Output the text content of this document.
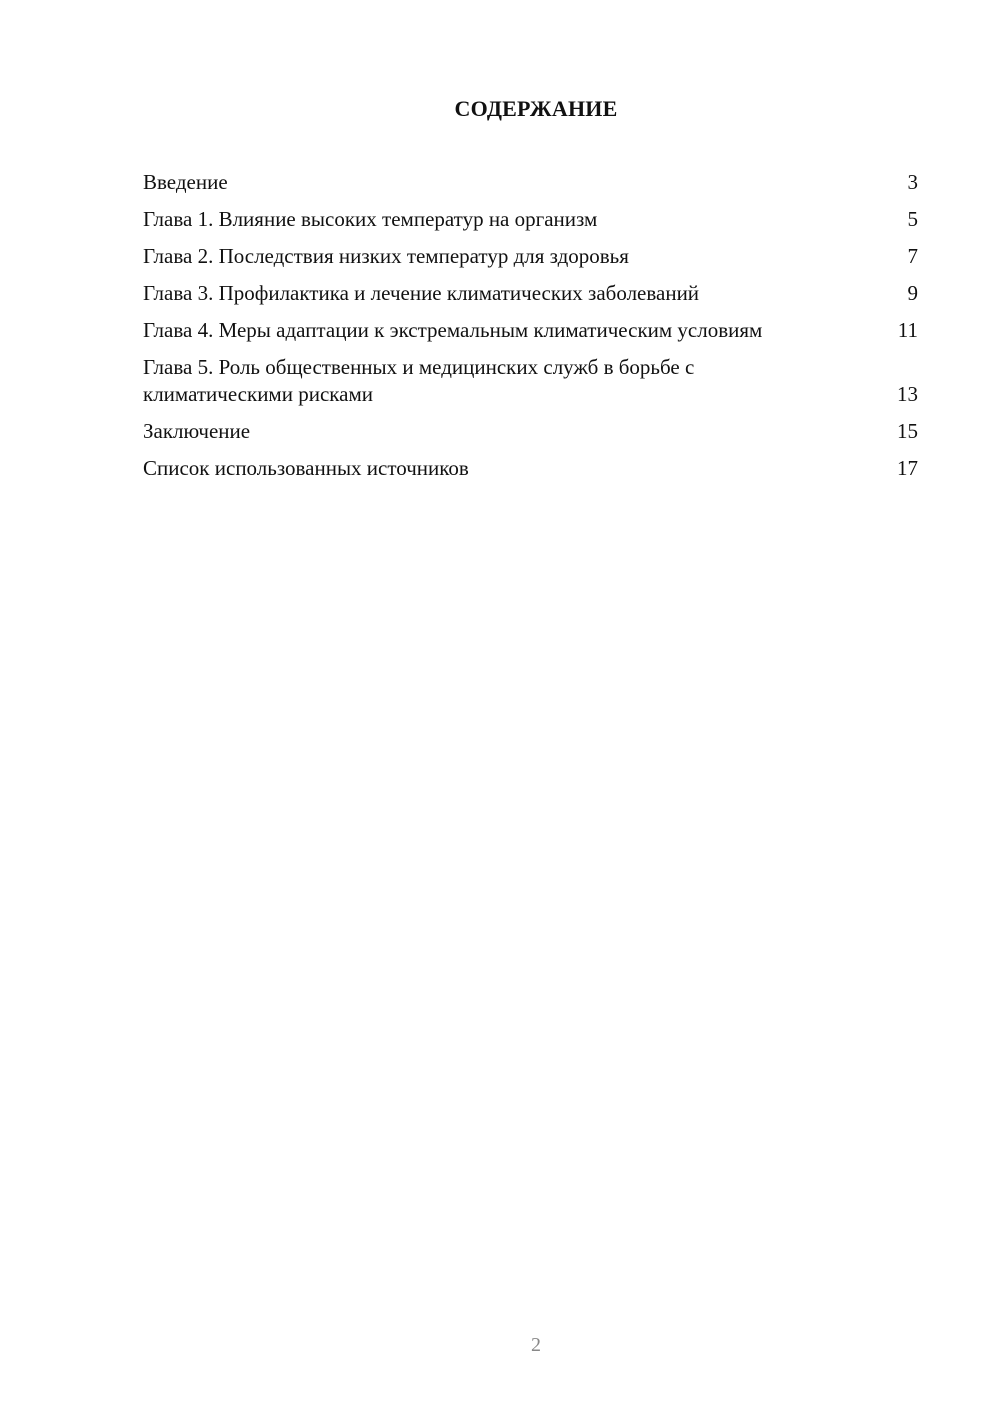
СОДЕРЖАНИЕ
Введение	3
Глава 1. Влияние высоких температур на организм	5
Глава 2. Последствия низких температур для здоровья	7
Глава 3. Профилактика и лечение климатических заболеваний	9
Глава 4. Меры адаптации к экстремальным климатическим условиям	11
Глава 5. Роль общественных и медицинских служб в борьбе с климатическими рисками	13
Заключение	15
Список использованных источников	17
2
